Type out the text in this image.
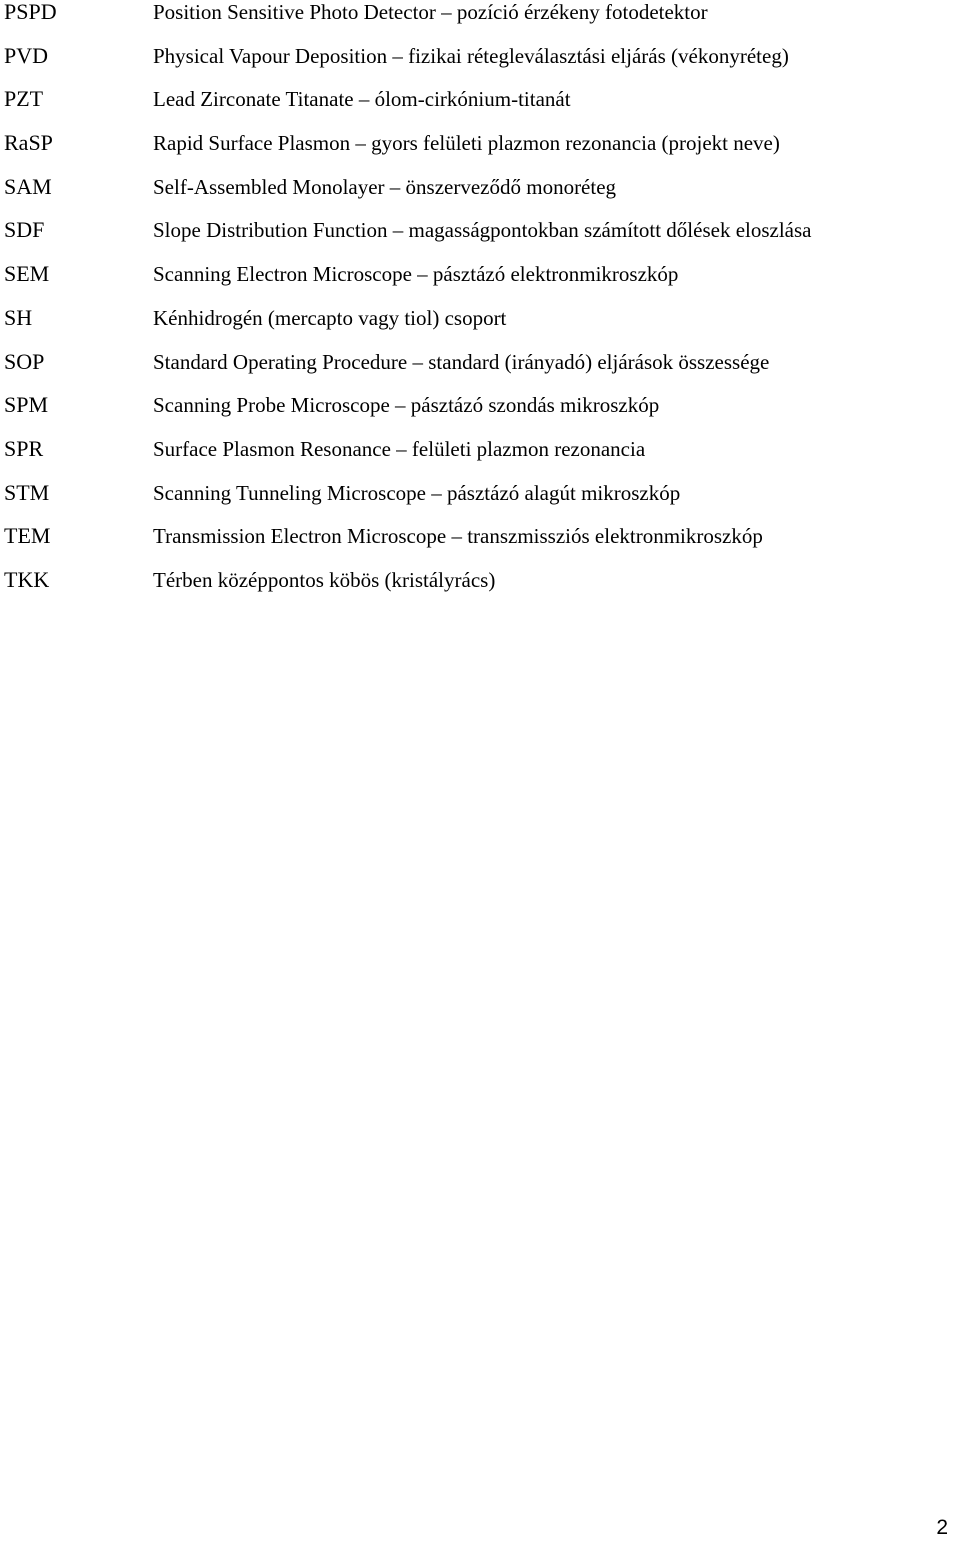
PSPD	Position Sensitive Photo Detector – pozíció érzékeny fotodetektor
PVD	Physical Vapour Deposition – fizikai rétegleválasztási eljárás (vékonyréteg)
PZT	Lead Zirconate Titanate – ólom-cirkónium-titanát
RaSP	Rapid Surface Plasmon – gyors felületi plazmon rezonancia (projekt neve)
SAM	Self-Assembled Monolayer – önszerveződő monoréteg
SDF	Slope Distribution Function – magasságpontokban számított dőlések eloszlása
SEM	Scanning Electron Microscope – pásztázó elektronmikroszkóp
SH	Kénhidrogén (mercapto vagy tiol) csoport
SOP	Standard Operating Procedure – standard (irányadó) eljárások összessége
SPM	Scanning Probe Microscope – pásztázó szondás mikroszkóp
SPR	Surface Plasmon Resonance – felületi plazmon rezonancia
STM	Scanning Tunneling Microscope – pásztázó alagút mikroszkóp
TEM	Transmission Electron Microscope – transzmissziós elektronmikroszkóp
TKK	Térben középpontos köbös (kristályrács)
2
